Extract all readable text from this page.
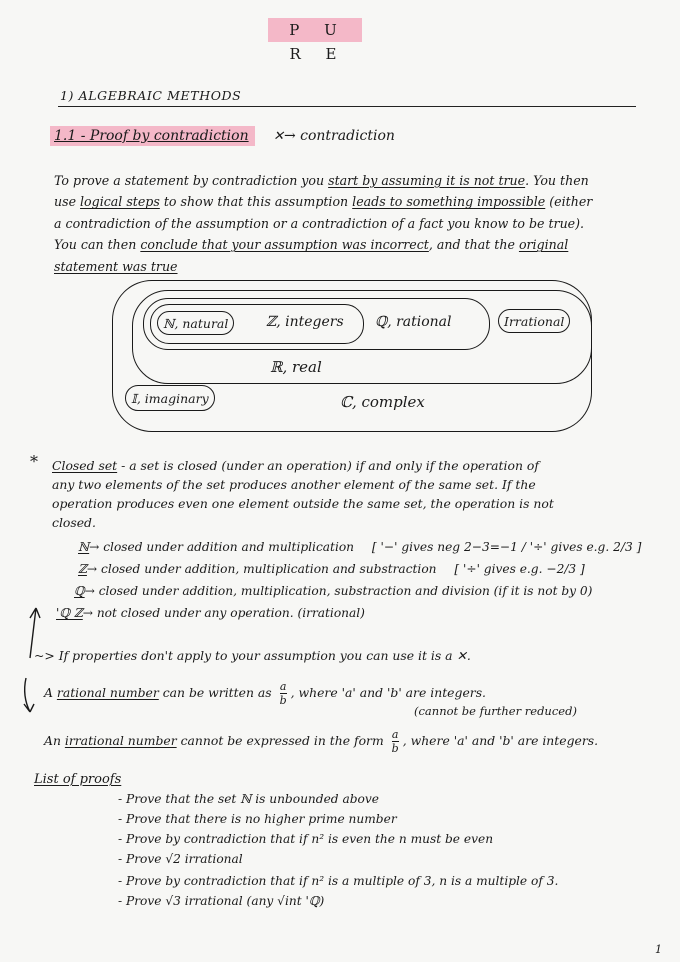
P U R E
1) ALGEBRAIC METHODS
1.1 - Proof by contradiction ✕→ contradiction
To prove a statement by contradiction you start by assuming it is not true. You then
use logical steps to show that this assumption leads to something impossible (either
a contradiction of the assumption or a contradiction of a fact you know to be true).
You can then conclude that your assumption was incorrect, and that the original
statement was true
ℕ, natural	ℤ, integers ℚ, rational	Irrational
ℝ, real
𝕀, imaginary	ℂ, complex
* Closed set - a set is closed (under an operation) if and only if the operation of
any two elements of the set produces another element of the same set. If the
operation produces even one element outside the same set, the operation is not
closed.
ℕ→ closed under addition and multiplication [ '−' gives neg 2−3=−1 / '÷' gives e.g. 2/3 ]
ℤ→ closed under addition, multiplication and substraction [ '÷' gives e.g. −2/3 ]
ℚ→ closed under addition, multiplication, substraction and division (if it is not by 0)
'ℚ ℤ→ not closed under any operation. (irrational)
~> If properties don't apply to your assumption you can use it is a ✕.
A rational number can be written as $\frac{a}{b}$ , where 'a' and 'b' are integers.
(cannot be further reduced)
An irrational number cannot be expressed in the form $\frac{a}{b}$ , where 'a' and 'b' are integers.
List of proofs
- Prove that the set ℕ is unbounded above
- Prove that there is no higher prime number
- Prove by contradiction that if n² is even the n must be even
- Prove √2 irrational
- Prove by contradiction that if n² is a multiple of 3, n is a multiple of 3.
- Prove √3 irrational (any √int 'ℚ)
1
